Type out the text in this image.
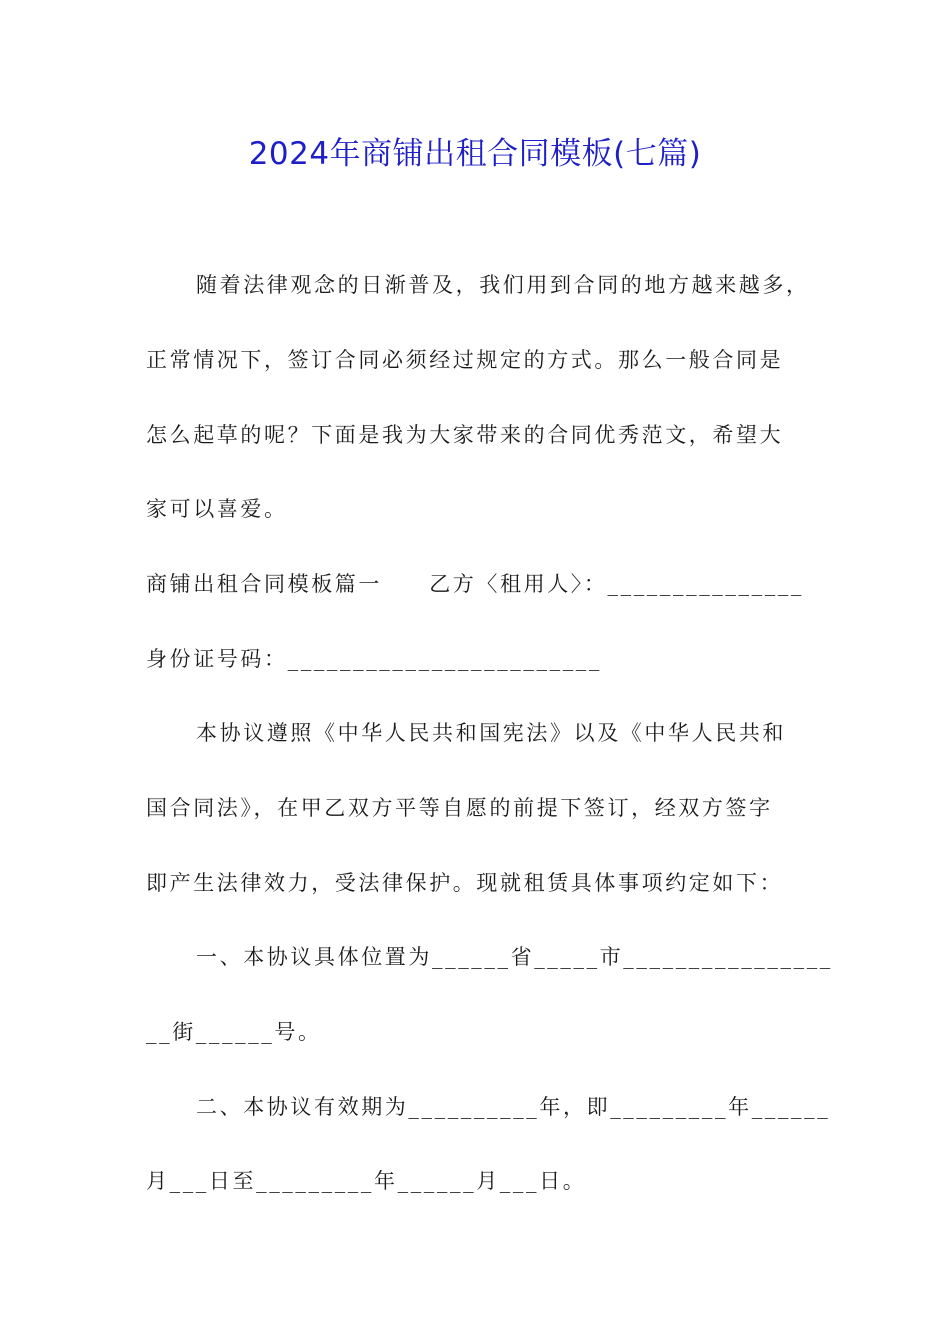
2024年商铺出租合同模板(七篇)
随着法律观念的日渐普及，我们用到合同的地方越来越多，
正常情况下，签订合同必须经过规定的方式。那么一般合同是
怎么起草的呢？下面是我为大家带来的合同优秀范文，希望大
家可以喜爱。
商铺出租合同模板篇一　　乙方〈租用人〉：_______________
身份证号码：________________________
本协议遵照《中华人民共和国宪法》以及《中华人民共和
国合同法》，在甲乙双方平等自愿的前提下签订，经双方签字
即产生法律效力，受法律保护。现就租赁具体事项约定如下：
一、本协议具体位置为______省_____市________________
__街______号。
二、本协议有效期为__________年，即_________年______
月___日至_________年______月___日。
